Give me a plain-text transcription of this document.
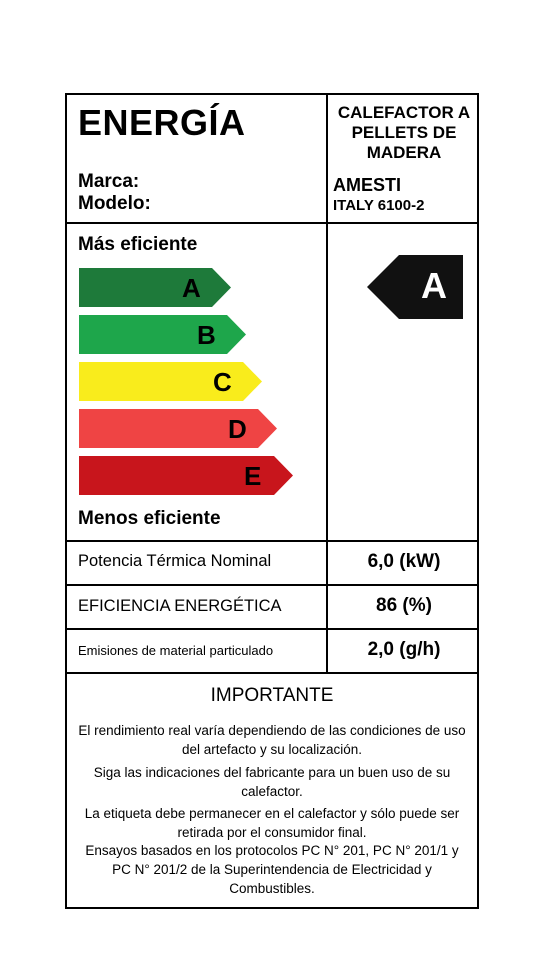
ENERGÍA
Marca:
Modelo:
CALEFACTOR A PELLETS DE MADERA
AMESTI
ITALY 6100-2
Más eficiente
A
B
C
D
E
Menos eficiente
A
Potencia Térmica Nominal	6,0 (kW)
EFICIENCIA ENERGÉTICA	86 (%)
Emisiones de material particulado	2,0 (g/h)
IMPORTANTE
El rendimiento real varía dependiendo de las condiciones de uso del artefacto y su localización.
Siga las indicaciones del fabricante para un buen uso de su calefactor.
La etiqueta debe permanecer en el calefactor y sólo puede ser retirada por el consumidor final.
Ensayos basados en los protocolos PC N° 201, PC N° 201/1 y PC N° 201/2 de la Superintendencia de Electricidad y Combustibles.
